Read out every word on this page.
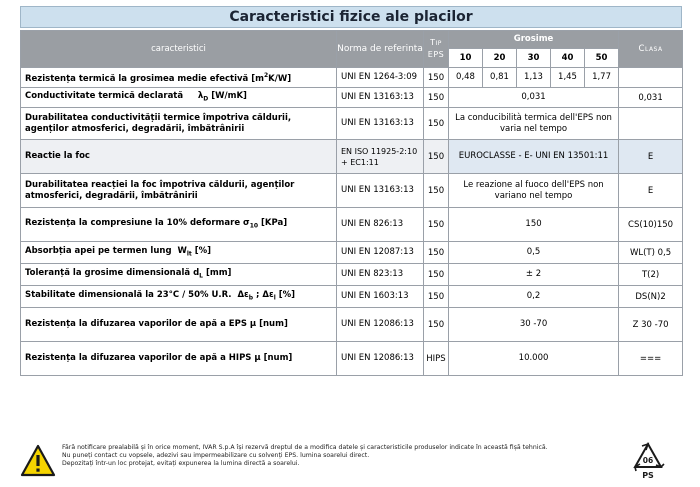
Caracteristici fizice ale placilor
caracteristici	Norma de referinta	Tip EPS	Grosime					Clasa
			10	20	30	40	50	
Rezistența termică la grosimea medie efectivă $[m^2K/W]$	UNI EN 1264-3:09	150	0,48	0,81	1,13	1,45	1,77	
Conductivitate termică declarată     $\lambda_D$ [W/mK]	UNI EN 13163:13	150	0,031					0,031
Durabilitatea conductivității termice împotriva căldurii, agenților atmosferici, degradării, îmbătrânirii	UNI EN 13163:13	150	La conducibilità termica dell'EPS non varia nel tempo					
Reactie la foc	EN ISO 11925-2:10 + EC1:11	150	EUROCLASSE - E- UNI EN 13501:11					E
Durabilitatea reacției la foc împotriva căldurii, agenților atmosferici, degradării, îmbătrânirii	UNI EN 13163:13	150	Le reazione al fuoco dell'EPS non variano nel tempo					E
Rezistența la compresiune la 10% deformare $\sigma_{10}$ [KPa]	UNI EN 826:13	150	150					CS(10)150
Absorbția apei pe termen lung  $W_{lt}$ [%]	UNI EN 12087:13	150	0,5					WL(T) 0,5
Toleranță la grosime dimensională $d_L$ [mm]	UNI EN 823:13	150	± 2					T(2)
Stabilitate dimensională la 23°C / 50% U.R.  $\Delta\varepsilon_b$ ; $\Delta\varepsilon_l$ [%]	UNI EN 1603:13	150	0,2					DS(N)2
Rezistența la difuzarea vaporilor de apă a EPS μ [num]	UNI EN 12086:13	150	30 -70					Z 30 -70
Rezistența la difuzarea vaporilor de apă a HIPS μ [num]	UNI EN 12086:13	HIPS	10.000					===
Fără notificare prealabilă și în orice moment, IVAR S.p.A își rezervă dreptul de a modifica datele și caracteristicile produselor indicate în această fișă tehnică.
Nu puneți contact cu vopsele, adezivi sau impermeabilizare cu solvenți EPS. lumina soarelui direct.
Depozitați într-un loc protejat, evitați expunerea la lumina directă a soarelui.	06
PS
